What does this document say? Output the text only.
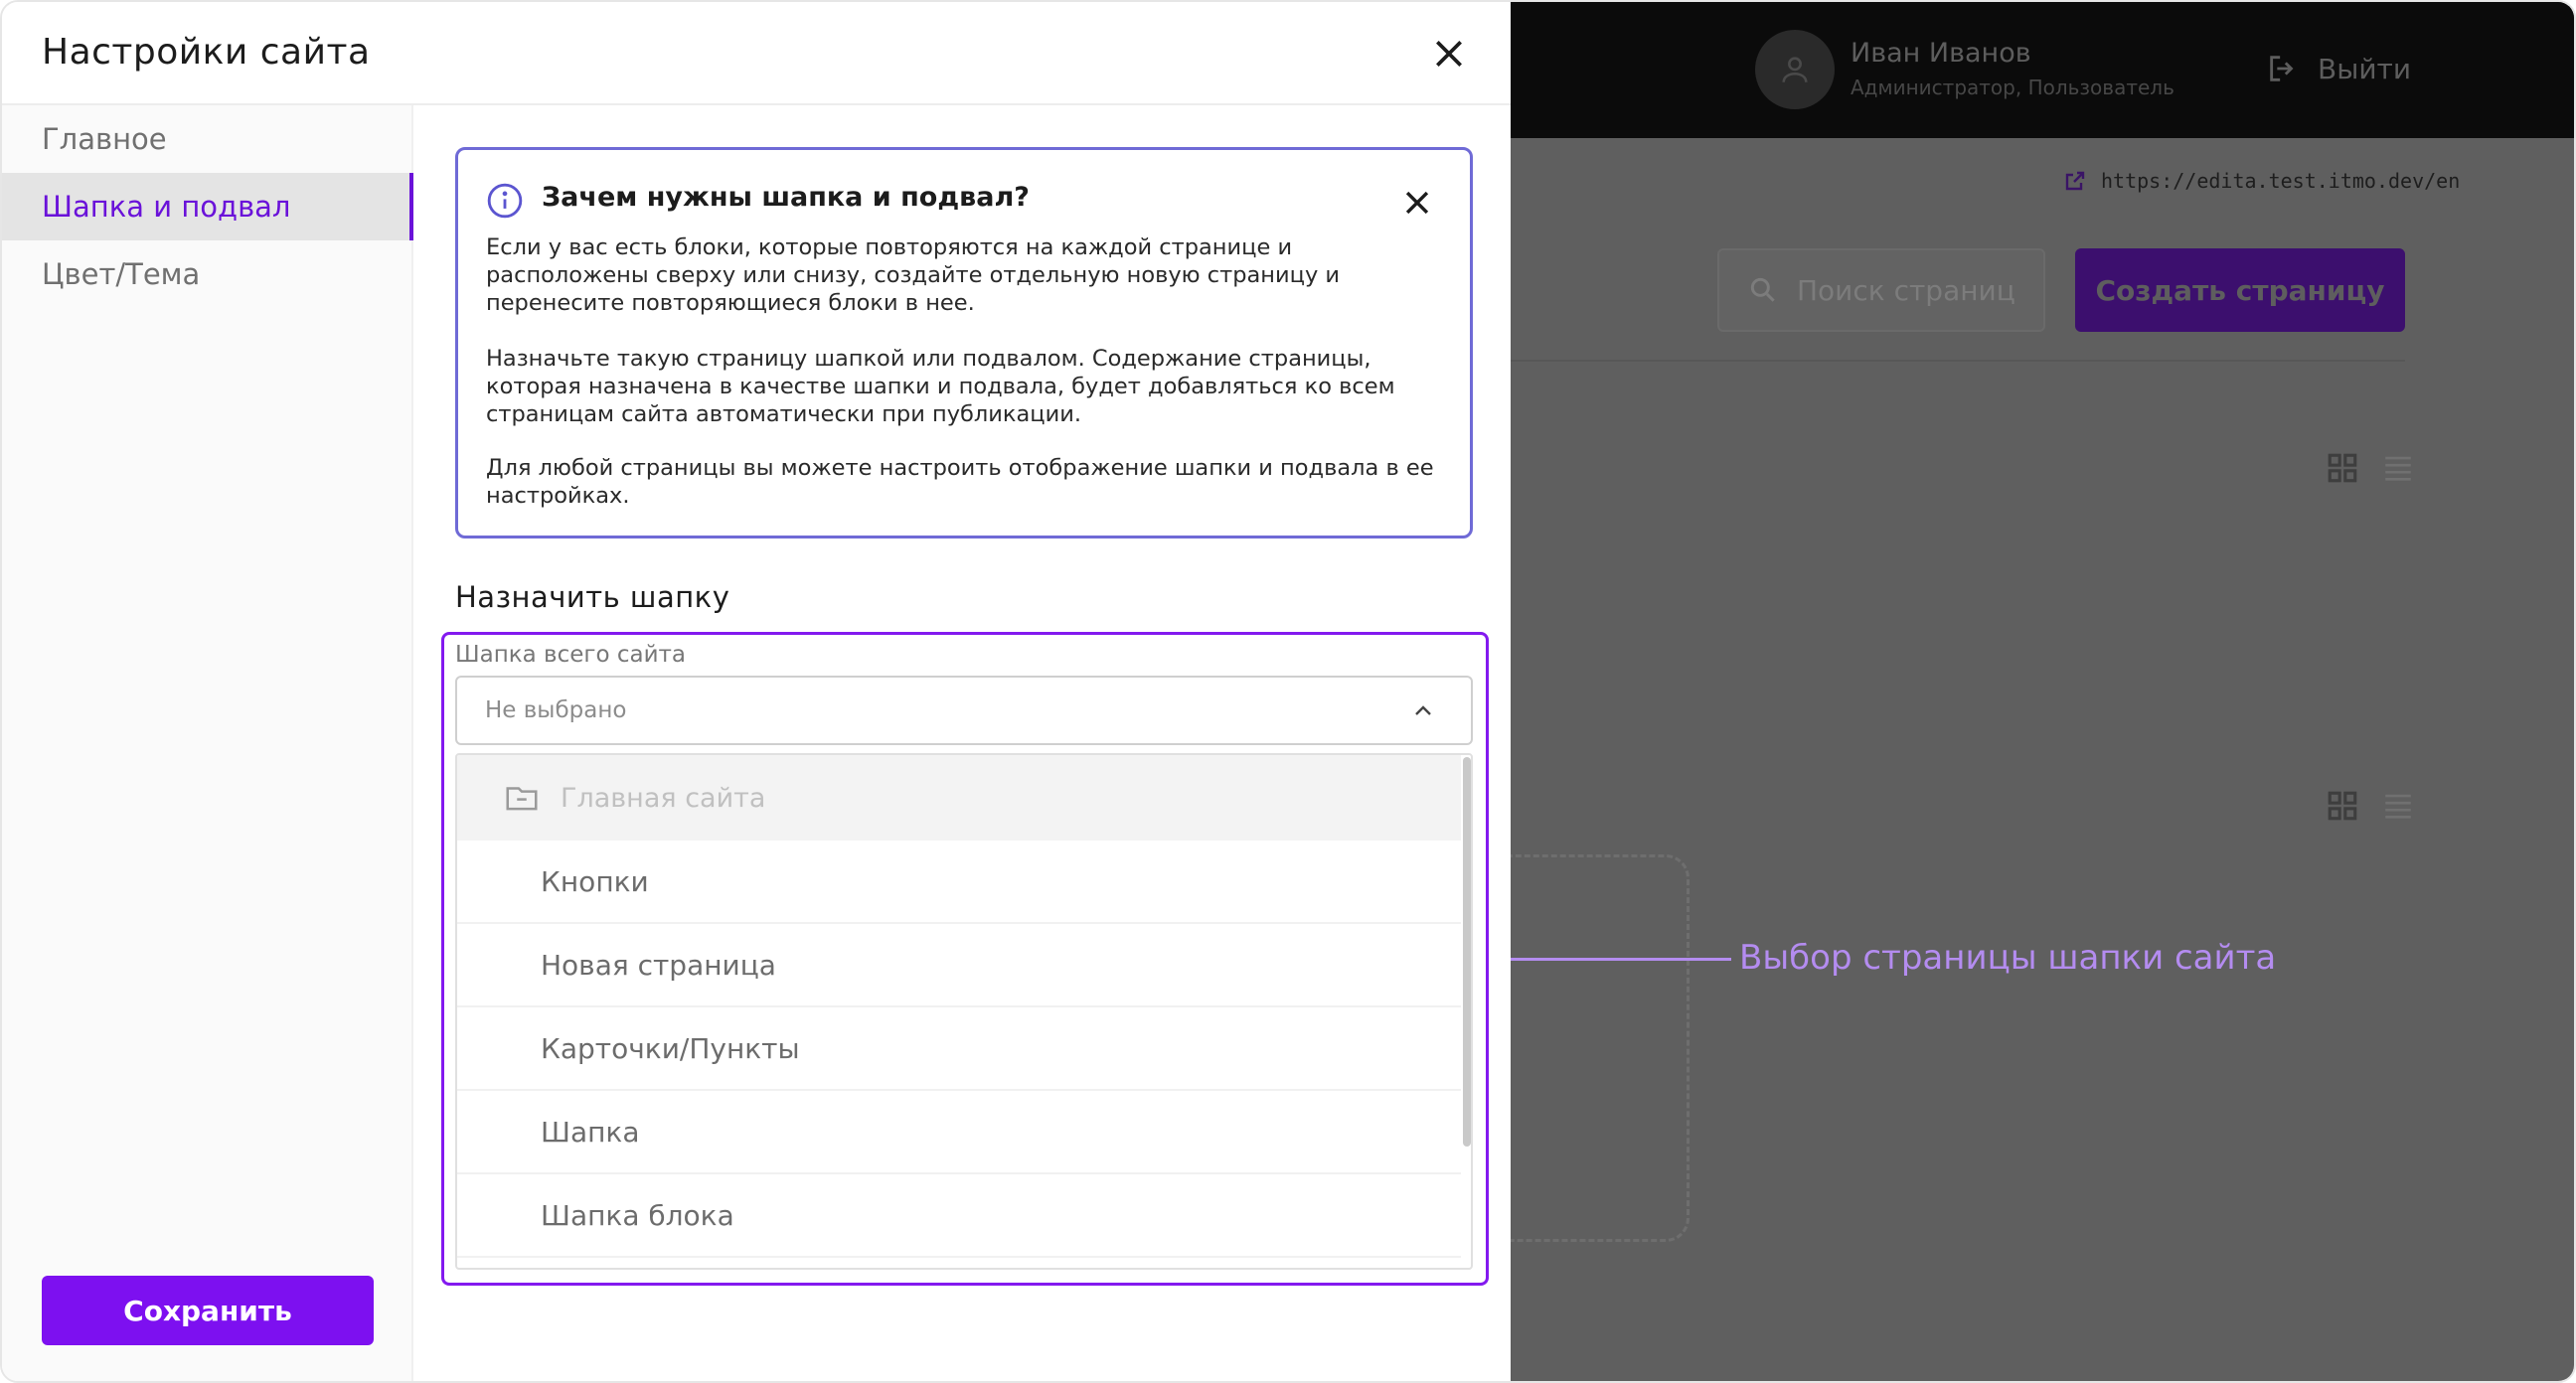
Иван Иванов
Администратор, Пользователь
Выйти
https://edita.test.itmo.dev/en
Поиск страниц	Создать страницу
Выбор страницы шапки сайта
Настройки сайта
Главное
Шапка и подвал
Цвет/Тема
Сохранить
Зачем нужны шапка и подвал?
Если у вас есть блоки, которые повторяются на каждой странице и
расположены сверху или снизу, создайте отдельную новую страницу и
перенесите повторяющиеся блоки в нее.
Назначьте такую страницу шапкой или подвалом. Содержание страницы,
которая назначена в качестве шапки и подвала, будет добавляться ко всем
страницам сайта автоматически при публикации.
Для любой страницы вы можете настроить отображение шапки и подвала в ее
настройках.
Назначить шапку
Шапка всего сайта
Не выбрано
Главная сайта
Кнопки
Новая страница
Карточки/Пункты
Шапка
Шапка блока
